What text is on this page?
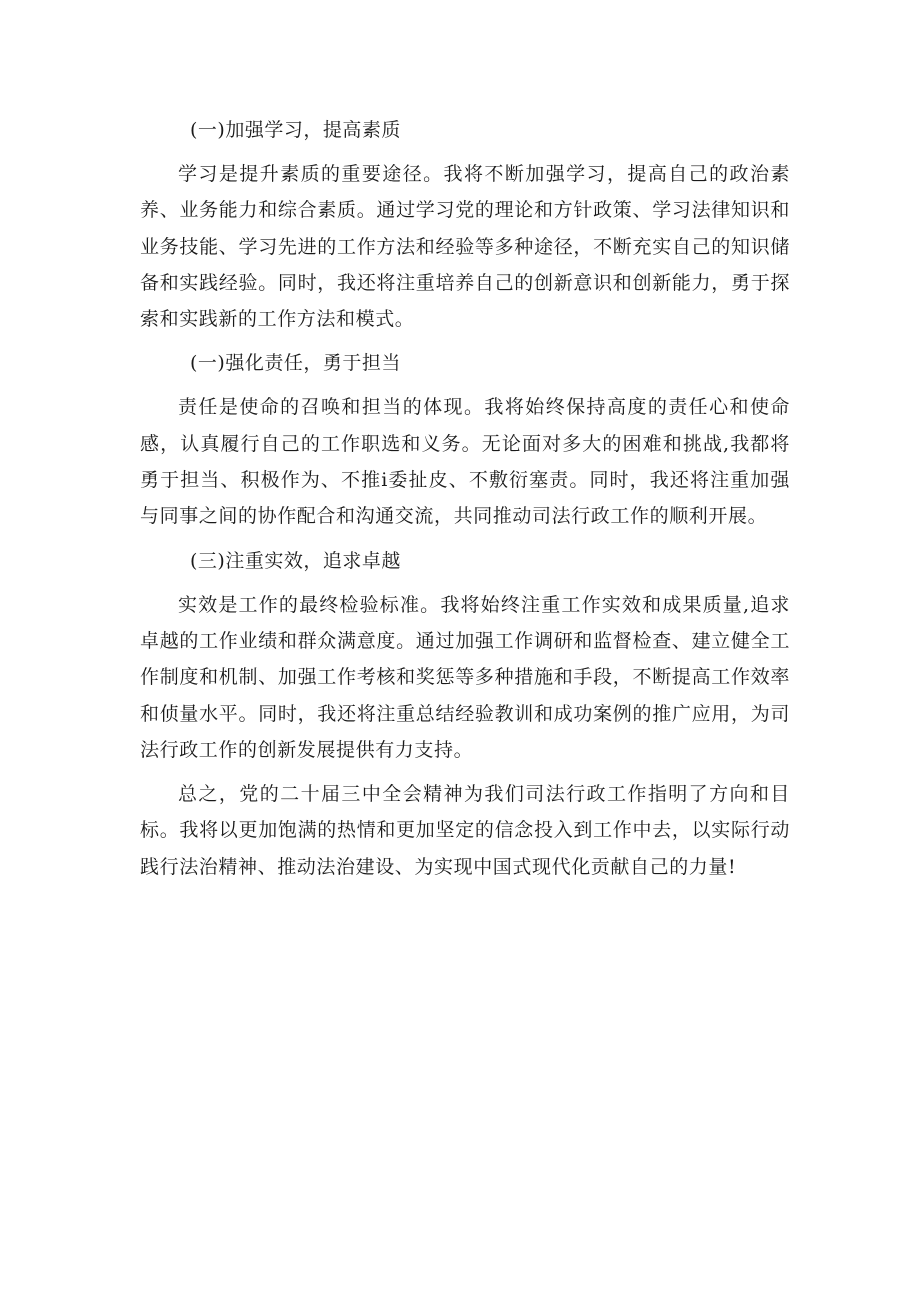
(一)加强学习，提高素质

学习是提升素质的重要途径。我将不断加强学习，提高自己的政治素养、业务能力和综合素质。通过学习党的理论和方针政策、学习法律知识和业务技能、学习先进的工作方法和经验等多种途径，不断充实自己的知识储备和实践经验。同时，我还将注重培养自己的创新意识和创新能力，勇于探索和实践新的工作方法和模式。

(一)强化责任，勇于担当

责任是使命的召唤和担当的体现。我将始终保持高度的责任心和使命感，认真履行自己的工作职选和义务。无论面对多大的困难和挑战,我都将勇于担当、积极作为、不推i委扯皮、不敷衍塞责。同时，我还将注重加强与同事之间的协作配合和沟通交流，共同推动司法行政工作的顺利开展。

(三)注重实效，追求卓越

实效是工作的最终检验标准。我将始终注重工作实效和成果质量,追求卓越的工作业绩和群众满意度。通过加强工作调研和监督检查、建立健全工作制度和机制、加强工作考核和奖惩等多种措施和手段，不断提高工作效率和侦量水平。同时，我还将注重总结经验教训和成功案例的推广应用，为司法行政工作的创新发展提供有力支持。

总之，党的二十届三中全会精神为我们司法行政工作指明了方向和目标。我将以更加饱满的热情和更加坚定的信念投入到工作中去，以实际行动践行法治精神、推动法治建设、为实现中国式现代化贡献自己的力量!
